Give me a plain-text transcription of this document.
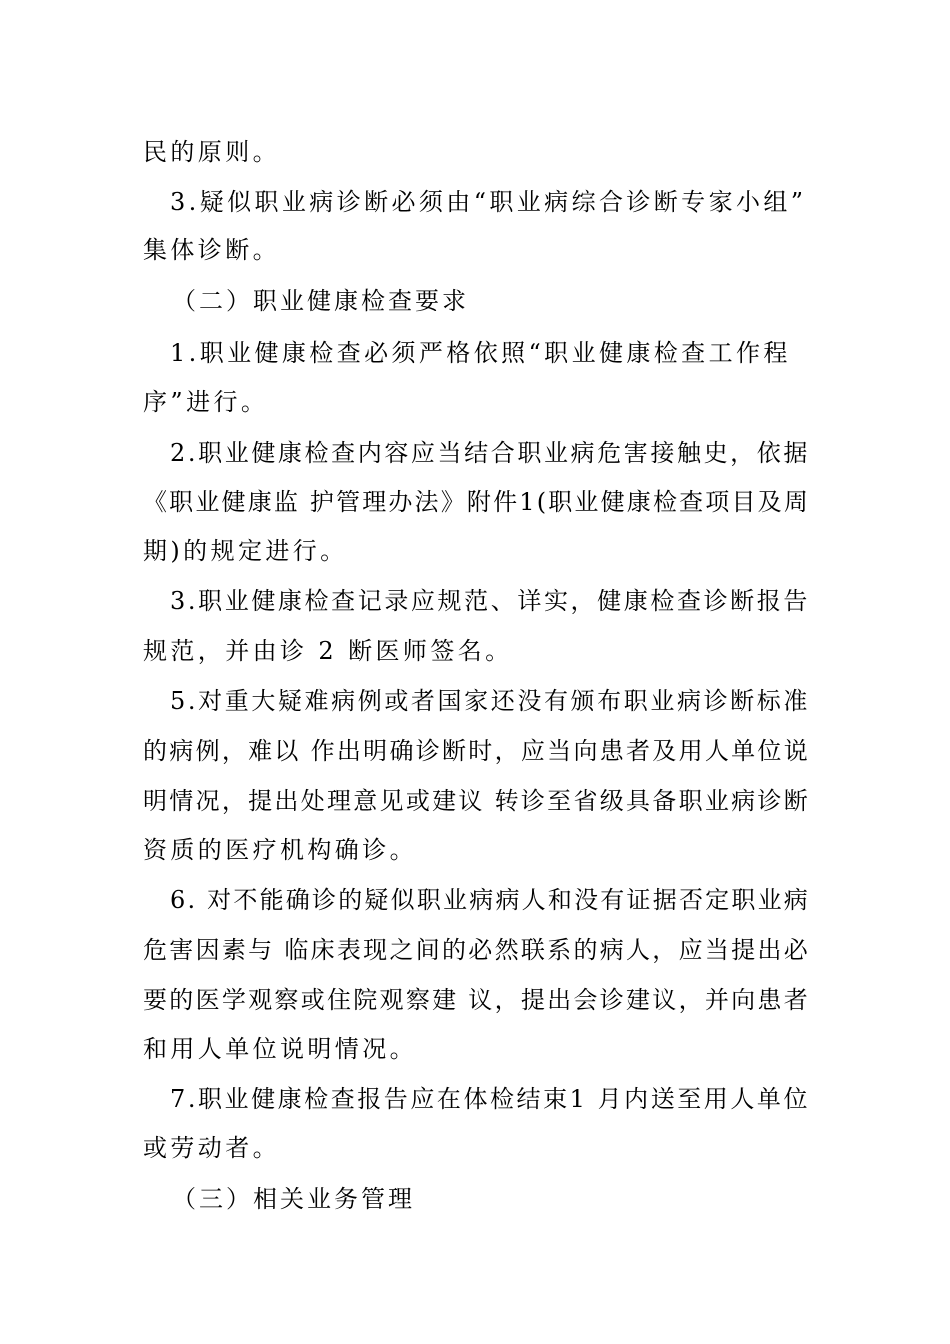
民的原则。
3.疑似职业病诊断必须由“职业病综合诊断专家小组”
集体诊断。
（二）职业健康检查要求
1.职业健康检查必须严格依照“职业健康检查工作程
序”进行。
2.职业健康检查内容应当结合职业病危害接触史，依据
《职业健康监 护管理办法》附件1(职业健康检查项目及周
期)的规定进行。
3.职业健康检查记录应规范、详实，健康检查诊断报告
规范，并由诊 2 断医师签名。
5.对重大疑难病例或者国家还没有颁布职业病诊断标准
的病例，难以 作出明确诊断时，应当向患者及用人单位说
明情况，提出处理意见或建议 转诊至省级具备职业病诊断
资质的医疗机构确诊。
6. 对不能确诊的疑似职业病病人和没有证据否定职业病
危害因素与 临床表现之间的必然联系的病人，应当提出必
要的医学观察或住院观察建 议，提出会诊建议，并向患者
和用人单位说明情况。
7.职业健康检查报告应在体检结束1 月内送至用人单位
或劳动者。
（三）相关业务管理
